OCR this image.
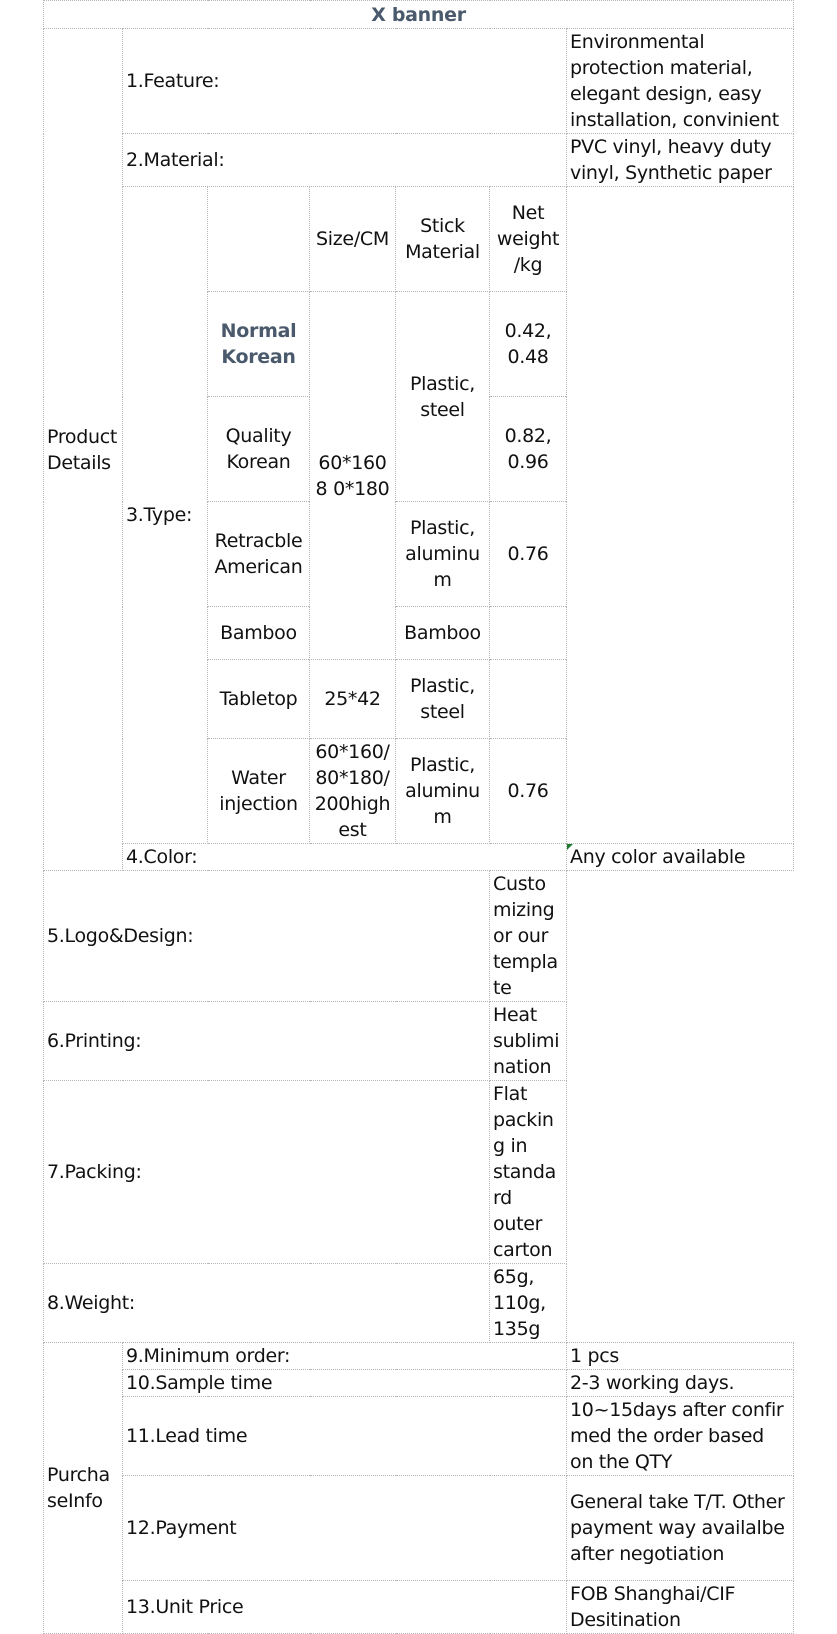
X banner						
Product Details	1.Feature:					Environmental protection material, elegant design, easy installation, convinient
	2.Material:					PVC vinyl, heavy duty vinyl, Synthetic paper
	3.Type:		Size/CM	Stick Material	Net weight /kg	
		Normal Korean	60*1608 0*180	Plastic, steel	0.42, 0.48	
		Quality Korean			0.82, 0.96	
		Retracble American		Plastic, aluminu m	0.76	
		Bamboo		Bamboo		
		Tabletop	25*42	Plastic, steel		
		Water injection	60*160/ 80*180/ 200high est	Plastic, aluminu m	0.76	
	4.Color:					Any color available
5.Logo&Design:					Customizing or our template	
6.Printing:					Heat sublimination	
7.Packing:					Flat packing in standard outer carton	
8.Weight:					65g, 110g, 135g	
Purcha seInfo	9.Minimum order:					1 pcs
	10.Sample time					2-3 working days.
	11.Lead time					10~15days after confir med the order based on the QTY
	12.Payment					General take T/T. Other payment way availalbe after negotiation
	13.Unit Price					FOB Shanghai/CIF Desitination
